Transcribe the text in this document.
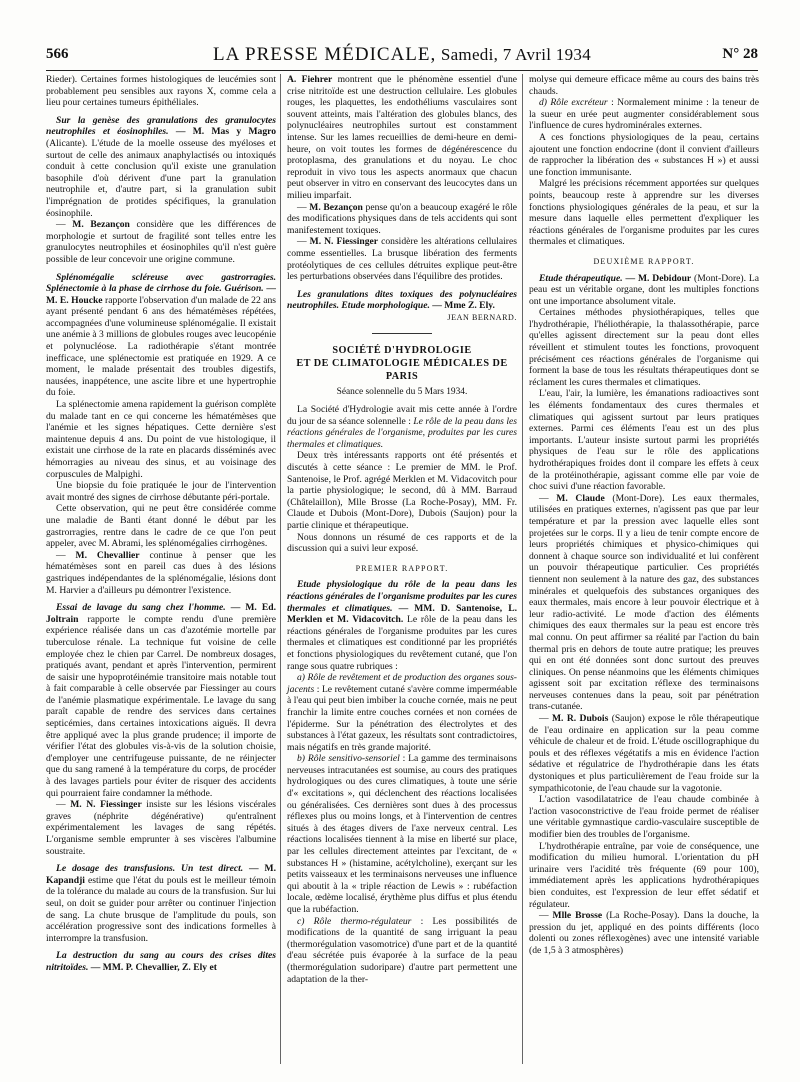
566	LA PRESSE MÉDICALE, Samedi, 7 Avril 1934	N° 28

Rieder). Certaines formes histologiques de leucémies sont probablement peu sensibles aux rayons X, comme cela a lieu pour certaines tumeurs épithéliales.

Sur la genèse des granulations des granulocytes neutrophiles et éosinophiles. — M. Mas y Magro (Alicante). L'étude de la moelle osseuse des myéloses et surtout de celle des animaux anaphylactisés ou intoxiqués conduit à cette conclusion qu'il existe une granulation basophile d'où dérivent d'une part la granulation neutrophile et, d'autre part, si la granulation subit l'imprégnation de protides spécifiques, la granulation éosinophile.

— M. Bezançon considère que les différences de morphologie et surtout de fragilité sont telles entre les granulocytes neutrophiles et éosinophiles qu'il n'est guère possible de leur concevoir une origine commune.

Splénomégalie scléreuse avec gastrorragies. Splénectomie à la phase de cirrhose du foie. Guérison. — M. E. Houcke rapporte l'observation d'un malade de 22 ans ayant présenté pendant 6 ans des hématémèses répétées, accompagnées d'une volumineuse splénomégalie. Il existait une anémie à 3 millions de globules rouges avec leucopénie et polynucléose. La radiothérapie s'étant montrée inefficace, une splénectomie est pratiquée en 1929. A ce moment, le malade présentait des troubles digestifs, nausées, inappétence, une ascite libre et une hypertrophie du foie.

La splénectomie amena rapidement la guérison complète du malade tant en ce qui concerne les hématémèses que l'anémie et les signes hépatiques. Cette dernière s'est maintenue depuis 4 ans. Du point de vue histologique, il existait une cirrhose de la rate en placards disséminés avec hémorragies au niveau des sinus, et au voisinage des corpuscules de Malpighi.

Une biopsie du foie pratiquée le jour de l'intervention avait montré des signes de cirrhose débutante péri-portale.

Cette observation, qui ne peut être considérée comme une maladie de Banti étant donné le début par les gastrorragies, rentre dans le cadre de ce que l'on peut appeler, avec M. Abrami, les splénomégalies cirrhogènes.

— M. Chevallier continue à penser que les hématémèses sont en pareil cas dues à des lésions gastriques indépendantes de la splénomégalie, lésions dont M. Harvier a d'ailleurs pu démontrer l'existence.

Essai de lavage du sang chez l'homme. — M. Ed. Joltrain rapporte le compte rendu d'une première expérience réalisée dans un cas d'azotémie mortelle par tuberculose rénale. La technique fut voisine de celle employée chez le chien par Carrel. De nombreux dosages, pratiqués avant, pendant et après l'intervention, permirent de saisir une hypoprotéinémie transitoire mais notable tout à fait comparable à celle observée par Fiessinger au cours de l'anémie plasmatique expérimentale. Le lavage du sang paraît capable de rendre des services dans certaines septicémies, dans certaines intoxications aiguës. Il devra être appliqué avec la plus grande prudence; il importe de vérifier l'état des globules vis-à-vis de la solution choisie, d'employer une centrifugeuse puissante, de ne réinjecter que du sang ramené à la température du corps, de procéder à des lavages partiels pour éviter de risquer des accidents qui pourraient faire condamner la méthode.

— M. N. Fiessinger insiste sur les lésions viscérales graves (néphrite dégénérative) qu'entraînent expérimentalement les lavages de sang répétés. L'organisme semble emprunter à ses viscères l'albumine soustraite.

Le dosage des transfusions. Un test direct. — M. Kapandji estime que l'état du pouls est le meilleur témoin de la tolérance du malade au cours de la transfusion. Sur lui seul, on doit se guider pour arrêter ou continuer l'injection de sang. La chute brusque de l'amplitude du pouls, son accélération progressive sont des indications formelles à interrompre la transfusion.

La destruction du sang au cours des crises dites nitritoïdes. — MM. P. Chevallier, Z. Ely et

A. Fiehrer montrent que le phénomène essentiel d'une crise nitritoïde est une destruction cellulaire. Les globules rouges, les plaquettes, les endothéliums vasculaires sont souvent atteints, mais l'altération des globules blancs, des polynucléaires neutrophiles surtout est constamment intense. Sur les lames recueillies de demi-heure en demi-heure, on voit toutes les formes de dégénérescence du protoplasma, des granulations et du noyau. Le choc reproduit in vivo tous les aspects anormaux que chacun peut observer in vitro en conservant des leucocytes dans un milieu imparfait.

— M. Bezançon pense qu'on a beaucoup exagéré le rôle des modifications physiques dans de tels accidents qui sont manifestement toxiques.

— M. N. Fiessinger considère les altérations cellulaires comme essentielles. La brusque libération des ferments protéolytiques de ces cellules détruites explique peut-être les perturbations observées dans l'équilibre des protides.

Les granulations dites toxiques des polynucléaires neutrophiles. Etude morphologique. — Mme Z. Ely.

JEAN BERNARD.
SOCIÉTÉ D'HYDROLOGIE
ET DE CLIMATOLOGIE MÉDICALES DE PARIS
Séance solennelle du 5 Mars 1934.

La Société d'Hydrologie avait mis cette année à l'ordre du jour de sa séance solennelle : Le rôle de la peau dans les réactions générales de l'organisme, produites par les cures thermales et climatiques.

Deux très intéressants rapports ont été présentés et discutés à cette séance : Le premier de MM. le Prof. Santenoise, le Prof. agrégé Merklen et M. Vidacovitch pour la partie physiologique; le second, dû à MM. Barraud (Châtelaillon), Mlle Brosse (La Roche-Posay), MM. Fr. Claude et Dubois (Mont-Dore), Dubois (Saujon) pour la partie clinique et thérapeutique.

Nous donnons un résumé de ces rapports et de la discussion qui a suivi leur exposé.

PREMIER RAPPORT.

Etude physiologique du rôle de la peau dans les réactions générales de l'organisme produites par les cures thermales et climatiques. — MM. D. Santenoise, L. Merklen et M. Vidacovitch. Le rôle de la peau dans les réactions générales de l'organisme produites par les cures thermales et climatiques est conditionné par les propriétés et fonctions physiologiques du revêtement cutané, que l'on range sous quatre rubriques :

a) Rôle de revêtement et de production des organes sous-jacents : Le revêtement cutané s'avère comme imperméable à l'eau qui peut bien imbiber la couche cornée, mais ne peut franchir la limite entre couches cornées et non cornées de l'épiderme. Sur la pénétration des électrolytes et des substances à l'état gazeux, les résultats sont contradictoires, mais négatifs en très grande majorité.

b) Rôle sensitivo-sensoriel : La gamme des terminaisons nerveuses intracutanées est soumise, au cours des pratiques hydrologiques ou des cures climatiques, à toute une série d'« excitations », qui déclenchent des réactions localisées ou généralisées. Ces dernières sont dues à des processus réflexes plus ou moins longs, et à l'intervention de centres situés à des étages divers de l'axe nerveux central. Les réactions localisées tiennent à la mise en liberté sur place, par les cellules directement atteintes par l'excitant, de « substances H » (histamine, acétylcholine), exerçant sur les petits vaisseaux et les terminaisons nerveuses une influence qui aboutit à la « triple réaction de Lewis » : rubéfaction locale, œdème localisé, érythème plus diffus et plus étendu que la rubéfaction.

c) Rôle thermo-régulateur : Les possibilités de modifications de la quantité de sang irriguant la peau (thermorégulation vasomotrice) d'une part et de la quantité d'eau sécrétée puis évaporée à la surface de la peau (thermorégulation sudoripare) d'autre part permettent une adaptation de la ther-

molyse qui demeure efficace même au cours des bains très chauds.

d) Rôle excréteur : Normalement minime : la teneur de la sueur en urée peut augmenter considérablement sous l'influence de cures hydrominérales externes.

A ces fonctions physiologiques de la peau, certains ajoutent une fonction endocrine (dont il convient d'ailleurs de rapprocher la libération des « substances H ») et aussi une fonction immunisante.

Malgré les précisions récemment apportées sur quelques points, beaucoup reste à apprendre sur les diverses fonctions physiologiques générales de la peau, et sur la mesure dans laquelle elles permettent d'expliquer les réactions générales de l'organisme produites par les cures thermales et climatiques.

DEUXIÈME RAPPORT.

Etude thérapeutique. — M. Debidour (Mont-Dore). La peau est un véritable organe, dont les multiples fonctions ont une importance absolument vitale.

Certaines méthodes physiothérapiques, telles que l'hydrothérapie, l'héliothérapie, la thalassothérapie, parce qu'elles agissent directement sur la peau dont elles réveillent et stimulent toutes les fonctions, provoquent précisément ces réactions générales de l'organisme qui forment la base de tous les résultats thérapeutiques dont se réclament les cures thermales et climatiques.

L'eau, l'air, la lumière, les émanations radioactives sont les éléments fondamentaux des cures thermales et climatiques qui agissent surtout par leurs pratiques externes. Parmi ces éléments l'eau est un des plus importants. L'auteur insiste surtout parmi les propriétés physiques de l'eau sur le rôle des applications hydrothérapiques froides dont il compare les effets à ceux de la protéinothérapie, agissant comme elle par voie de choc suivi d'une réaction favorable.

— M. Claude (Mont-Dore). Les eaux thermales, utilisées en pratiques externes, n'agissent pas que par leur température et par la pression avec laquelle elles sont projetées sur le corps. Il y a lieu de tenir compte encore de leurs propriétés chimiques et physico-chimiques qui donnent à chaque source son individualité et lui confèrent un pouvoir thérapeutique particulier. Ces propriétés tiennent non seulement à la nature des gaz, des substances minérales et quelquefois des substances organiques des eaux thermales, mais encore à leur pouvoir électrique et à leur radio-activité. Le mode d'action des éléments chimiques des eaux thermales sur la peau est encore très mal connu. On peut affirmer sa réalité par l'action du bain thermal pris en dehors de toute autre pratique; les preuves qui en ont été données sont donc surtout des preuves cliniques. On pense néanmoins que les éléments chimiques agissent soit par excitation réflexe des terminaisons nerveuses contenues dans la peau, soit par pénétration trans-cutanée.

— M. R. Dubois (Saujon) expose le rôle thérapeutique de l'eau ordinaire en application sur la peau comme véhicule de chaleur et de froid. L'étude oscillographique du pouls et des réflexes végétatifs a mis en évidence l'action sédative et régulatrice de l'hydrothérapie dans les états dystoniques et plus particulièrement de l'eau froide sur la sympathicotonie, de l'eau chaude sur la vagotonie.

L'action vasodilatatrice de l'eau chaude combinée à l'action vasoconstrictive de l'eau froide permet de réaliser une véritable gymnastique cardio-vasculaire susceptible de modifier bien des troubles de l'organisme.

L'hydrothérapie entraîne, par voie de conséquence, une modification du milieu humoral. L'orientation du pH urinaire vers l'acidité très fréquente (69 pour 100), immédiatement après les applications hydrothérapiques bien conduites, est l'expression de leur effet sédatif et régulateur.

— Mlle Brosse (La Roche-Posay). Dans la douche, la pression du jet, appliqué en des points différents (loco dolenti ou zones réflexogènes) avec une intensité variable (de 1,5 à 3 atmosphères)
